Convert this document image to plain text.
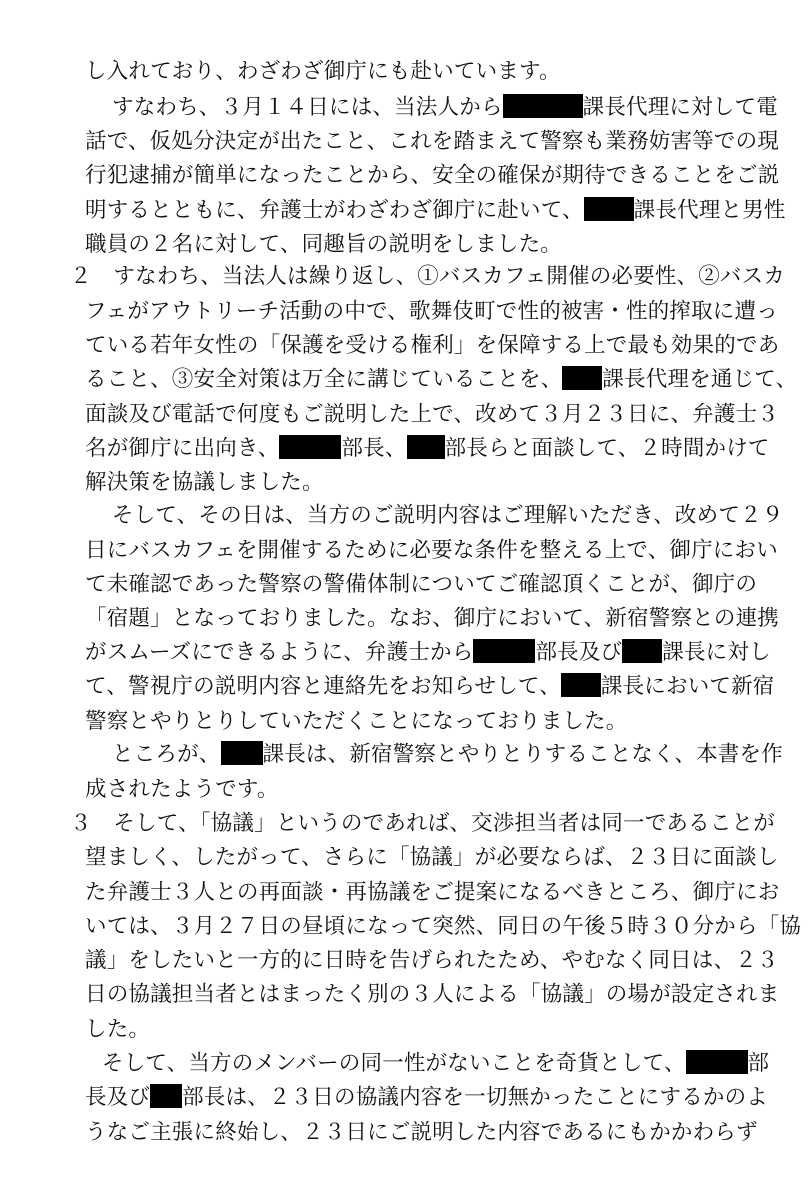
し入れており、わざわざ御庁にも赴いています。
すなわち、３月１４日には、当法人から	課長代理に対して電
話で、仮処分決定が出たこと、これを踏まえて警察も業務妨害等での現
行犯逮捕が簡単になったことから、安全の確保が期待できることをご説
明するとともに、弁護士がわざわざ御庁に赴いて、 課長代理と男性
職員の２名に対して、同趣旨の説明をしました。
２　すなわち、当法人は繰り返し、①バスカフェ開催の必要性、②バスカ
フェがアウトリーチ活動の中で、歌舞伎町で性的被害・性的搾取に遭っ
ている若年女性の「保護を受ける権利」を保障する上で最も効果的であ
ること、③安全対策は万全に講じていることを、 課長代理を通じて、
面談及び電話で何度もご説明した上で、改めて３月２３日に、弁護士３
名が御庁に出向き、	部長、 部長らと面談して、２時間かけて
解決策を協議しました。
そして、その日は、当方のご説明内容はご理解いただき、改めて２９
日にバスカフェを開催するために必要な条件を整える上で、御庁におい
て未確認であった警察の警備体制についてご確認頂くことが、御庁の
「宿題」となっておりました。なお、御庁において、新宿警察との連携
がスムーズにできるように、弁護士から	部長及び 課長に対し
て、警視庁の説明内容と連絡先をお知らせして、 課長において新宿
警察とやりとりしていただくことになっておりました。
ところが、 課長は、新宿警察とやりとりすることなく、本書を作
成されたようです。
３　そして、「協議」というのであれば、交渉担当者は同一であることが
望ましく、したがって、さらに「協議」が必要ならば、２３日に面談し
た弁護士３人との再面談・再協議をご提案になるべきところ、御庁にお
いては、３月２７日の昼頃になって突然、同日の午後５時３０分から「協
議」をしたいと一方的に日時を告げられたため、やむなく同日は、２３
日の協議担当者とはまったく別の３人による「協議」の場が設定されま
した。
そして、当方のメンバーの同一性がないことを奇貨として、	部
長及び 部長は、２３日の協議内容を一切無かったことにするかのよ
うなご主張に終始し、２３日にご説明した内容であるにもかかわらず
